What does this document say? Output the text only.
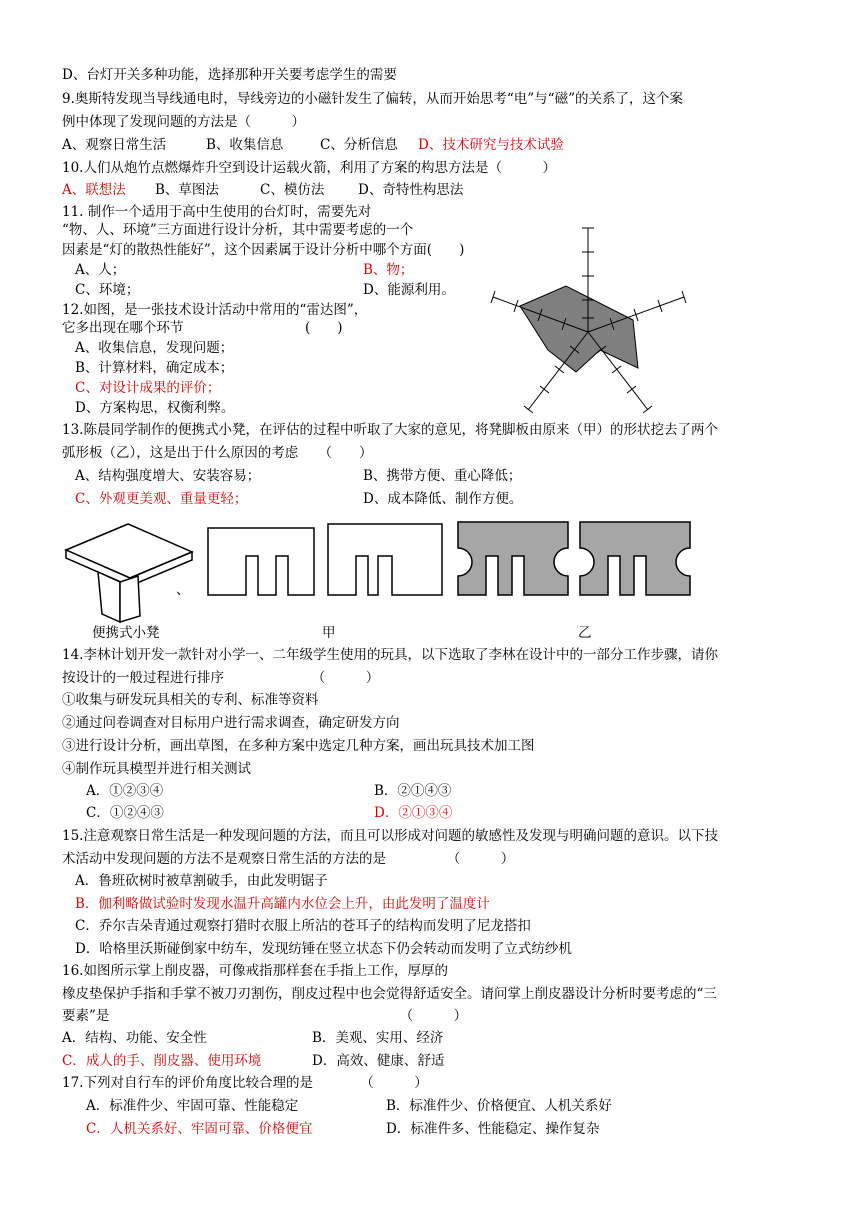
D、台灯开关多种功能，选择那种开关要考虑学生的需要
9.奥斯特发现当导线通电时，导线旁边的小磁针发生了偏转，从而开始思考“电”与“磁”的关系了，这个案
例中体现了发现问题的方法是（　　　）
A、观察日常生活	B、收集信息	C、分析信息 D、技术研究与技术试验
10.人们从炮竹点燃爆炸升空到设计运载火箭，利用了方案的构思方法是（　　　）
A、联想法 B、草图法	C、模仿法 D、奇特性构思法
11. 制作一个适用于高中生使用的台灯时，需要先对
“物、人、环境”三方面进行设计分析，其中需要考虑的一个
因素是“灯的散热性能好”，这个因素属于设计分析中哪个方面(　　)
A、人；	B、物；
C、环境；	D、能源利用。
12.如图，是一张技术设计活动中常用的“雷达图”，
它多出现在哪个环节　　　　　　　　　(　　)
A、收集信息，发现问题；
B、计算材料，确定成本；
C、对设计成果的评价；
D、方案构思，权衡利弊。
13.陈晨同学制作的便携式小凳，在评估的过程中听取了大家的意见，将凳脚板由原来（甲）的形状挖去了两个
弧形板（乙），这是出于什么原因的考虑　　（　　）
A、结构强度增大、安装容易；	B、携带方便、重心降低；
C、外观更美观、重量更轻；	D、成本降低、制作方便。
、
便携式小凳	甲	乙
14.李林计划开发一款针对小学一、二年级学生使用的玩具，以下选取了李林在设计中的一部分工作步骤，请你
按设计的一般过程进行排序　　　　　　　（　　　）
①收集与研发玩具相关的专利、标准等资料
②通过问卷调查对目标用户进行需求调查，确定研发方向
③进行设计分析，画出草图，在多种方案中选定几种方案，画出玩具技术加工图
④制作玩具模型并进行相关测试
A．①②③④	B．②①④③
C．①②④③	D．②①③④
15.注意观察日常生活是一种发现问题的方法，而且可以形成对问题的敏感性及发现与明确问题的意识。以下技
术活动中发现问题的方法不是观察日常生活的方法的是　　　　　（　　　）
A．鲁班砍树时被草割破手，由此发明锯子
B．伽利略做试验时发现水温升高罐内水位会上升，由此发明了温度计
C．乔尔吉朵青通过观察打猎时衣服上所沾的苍耳子的结构而发明了尼龙搭扣
D．哈格里沃斯碰倒家中纺车，发现纺锤在竖立状态下仍会转动而发明了立式纺纱机
16.如图所示掌上削皮器，可像戒指那样套在手指上工作，厚厚的
橡皮垫保护手指和手掌不被刀刃割伤，削皮过程中也会觉得舒适安全。请问掌上削皮器设计分析时要考虑的“三
要素”是　　　　　　　　　　　　　　　　　　　　　　（　　　）
A．结构、功能、安全性	B．美观、实用、经济
C．成人的手、削皮器、使用环境	D．高效、健康、舒适
17.下列对自行车的评价角度比较合理的是　　　　（　　　）
A．标准件少、牢固可靠、性能稳定	B．标准件少、价格便宜、人机关系好
C．人机关系好、牢固可靠、价格便宜	D．标准件多、性能稳定、操作复杂
